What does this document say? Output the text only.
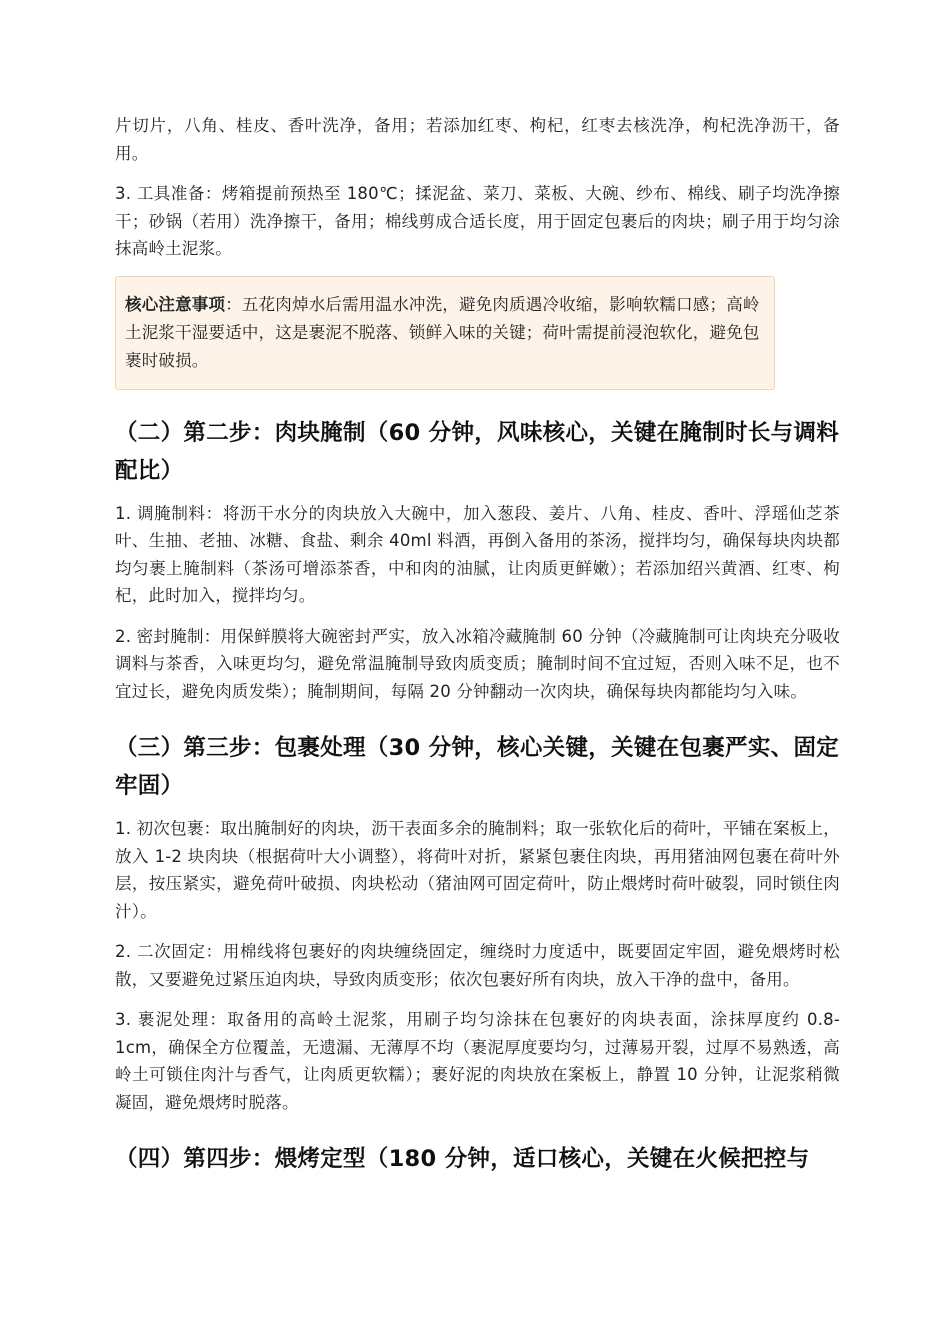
片切片，八角、桂皮、香叶洗净，备用；若添加红枣、枸杞，红枣去核洗净，枸杞洗净沥干，备用。

3. 工具准备：烤箱提前预热至 180℃；揉泥盆、菜刀、菜板、大碗、纱布、棉线、刷子均洗净擦干；砂锅（若用）洗净擦干，备用；棉线剪成合适长度，用于固定包裹后的肉块；刷子用于均匀涂抹高岭土泥浆。

核心注意事项：五花肉焯水后需用温水冲洗，避免肉质遇冷收缩，影响软糯口感；高岭土泥浆干湿要适中，这是裹泥不脱落、锁鲜入味的关键；荷叶需提前浸泡软化，避免包裹时破损。
（二）第二步：肉块腌制（60 分钟，风味核心，关键在腌制时长与调料配比）

1. 调腌制料：将沥干水分的肉块放入大碗中，加入葱段、姜片、八角、桂皮、香叶、浮瑶仙芝茶叶、生抽、老抽、冰糖、食盐、剩余 40ml 料酒，再倒入备用的茶汤，搅拌均匀，确保每块肉块都均匀裹上腌制料（茶汤可增添茶香，中和肉的油腻，让肉质更鲜嫩）；若添加绍兴黄酒、红枣、枸杞，此时加入，搅拌均匀。

2. 密封腌制：用保鲜膜将大碗密封严实，放入冰箱冷藏腌制 60 分钟（冷藏腌制可让肉块充分吸收调料与茶香，入味更均匀，避免常温腌制导致肉质变质；腌制时间不宜过短，否则入味不足，也不宜过长，避免肉质发柴）；腌制期间，每隔 20 分钟翻动一次肉块，确保每块肉都能均匀入味。

（三）第三步：包裹处理（30 分钟，核心关键，关键在包裹严实、固定牢固）

1. 初次包裹：取出腌制好的肉块，沥干表面多余的腌制料；取一张软化后的荷叶，平铺在案板上，放入 1-2 块肉块（根据荷叶大小调整），将荷叶对折，紧紧包裹住肉块，再用猪油网包裹在荷叶外层，按压紧实，避免荷叶破损、肉块松动（猪油网可固定荷叶，防止煨烤时荷叶破裂，同时锁住肉汁）。

2. 二次固定：用棉线将包裹好的肉块缠绕固定，缠绕时力度适中，既要固定牢固，避免煨烤时松散，又要避免过紧压迫肉块，导致肉质变形；依次包裹好所有肉块，放入干净的盘中，备用。

3. 裹泥处理：取备用的高岭土泥浆，用刷子均匀涂抹在包裹好的肉块表面，涂抹厚度约 0.8-1cm，确保全方位覆盖，无遗漏、无薄厚不均（裹泥厚度要均匀，过薄易开裂，过厚不易熟透，高岭土可锁住肉汁与香气，让肉质更软糯）；裹好泥的肉块放在案板上，静置 10 分钟，让泥浆稍微凝固，避免煨烤时脱落。

（四）第四步：煨烤定型（180 分钟，适口核心，关键在火候把控与
